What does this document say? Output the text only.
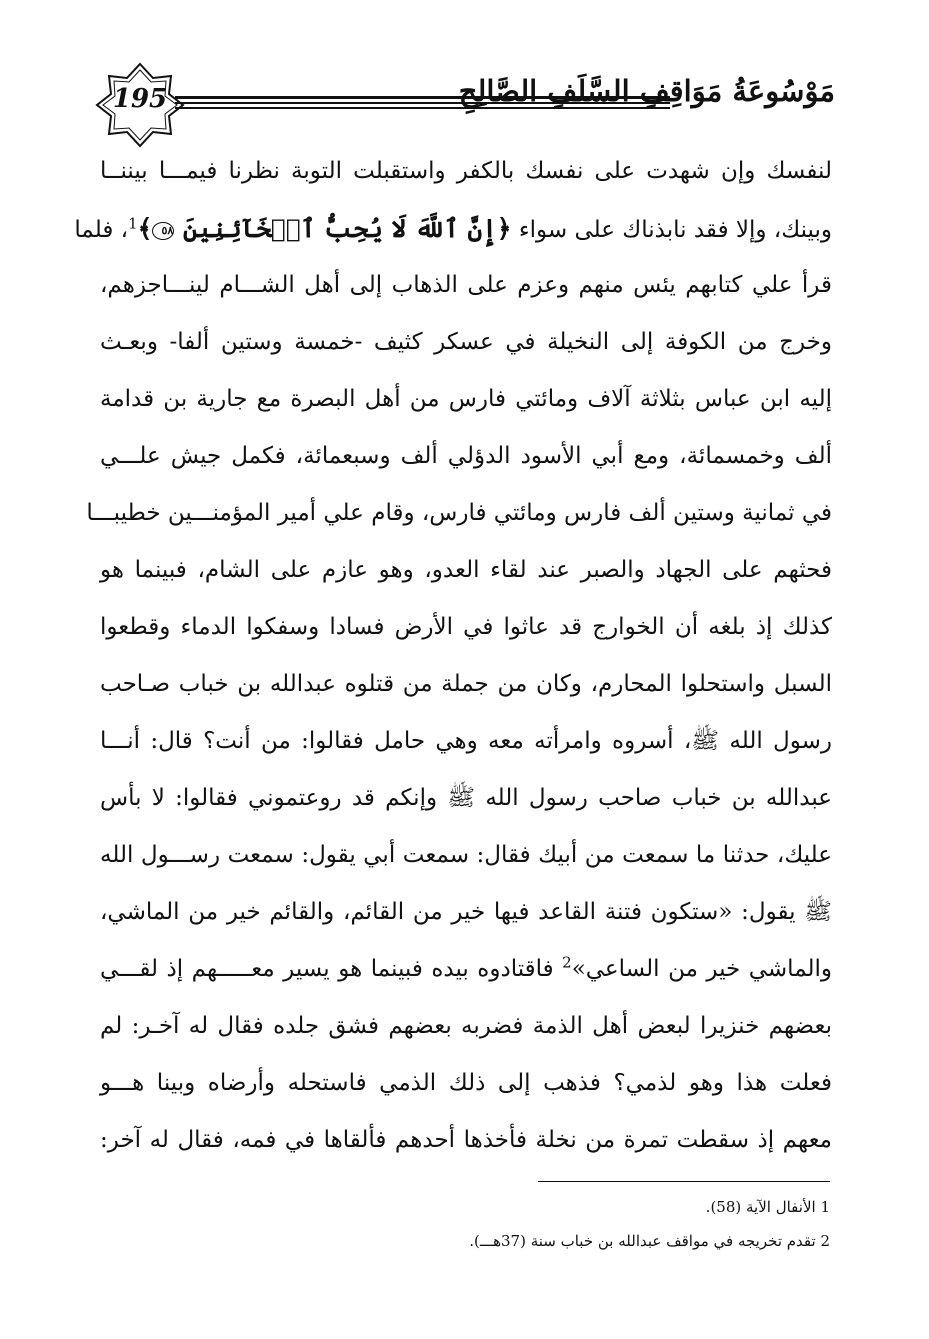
195	مَوْسُوعَةُ مَوَاقِفِ السَّلَفِ الصَّالِحِ
لنفسك وإن شهدت على نفسك بالكفر واستقبلت التوبة نظرنا فيمـــا بيننــا
وبينك، وإلا فقد نابذناك على سواء ﴿إِنَّ ٱللَّهَ لَا يُحِبُّ ٱلۡخَآئِنِينَ ٥٨﴾$^1$، فلما
قرأ علي كتابهم يئس منهم وعزم على الذهاب إلى أهل الشـــام لينـــاجزهم،
وخرج من الكوفة إلى النخيلة في عسكر كثيف -خمسة وستين ألفا- وبعـث
إليه ابن عباس بثلاثة آلاف ومائتي فارس من أهل البصرة مع جارية بن قدامة
ألف وخمسمائة، ومع أبي الأسود الدؤلي ألف وسبعمائة، فكمل جيش علـــي
في ثمانية وستين ألف فارس ومائتي فارس، وقام علي أمير المؤمنـــين خطيبـــا
فحثهم على الجهاد والصبر عند لقاء العدو، وهو عازم على الشام، فبينما هو
كذلك إذ بلغه أن الخوارج قد عاثوا في الأرض فسادا وسفكوا الدماء وقطعوا
السبل واستحلوا المحارم، وكان من جملة من قتلوه عبدالله بن خباب صـاحب
رسول الله ﷺ، أسروه وامرأته معه وهي حامل فقالوا: من أنت؟ قال: أنـــا
عبدالله بن خباب صاحب رسول الله ﷺ وإنكم قد روعتموني فقالوا: لا بأس
عليك، حدثنا ما سمعت من أبيك فقال: سمعت أبي يقول: سمعت رســـول الله
ﷺ يقول: «ستكون فتنة القاعد فيها خير من القائم، والقائم خير من الماشي،
والماشي خير من الساعي»$^2$ فاقتادوه بيده فبينما هو يسير معـــــهم إذ لقـــي
بعضهم خنزيرا لبعض أهل الذمة فضربه بعضهم فشق جلده فقال له آخـر: لم
فعلت هذا وهو لذمي؟ فذهب إلى ذلك الذمي فاستحله وأرضاه وبينا هـــو
معهم إذ سقطت تمرة من نخلة فأخذها أحدهم فألقاها في فمه، فقال له آخر:
1 الأنفال الآية (58).
2 تقدم تخريجه في مواقف عبدالله بن خباب سنة (37هـــ).
